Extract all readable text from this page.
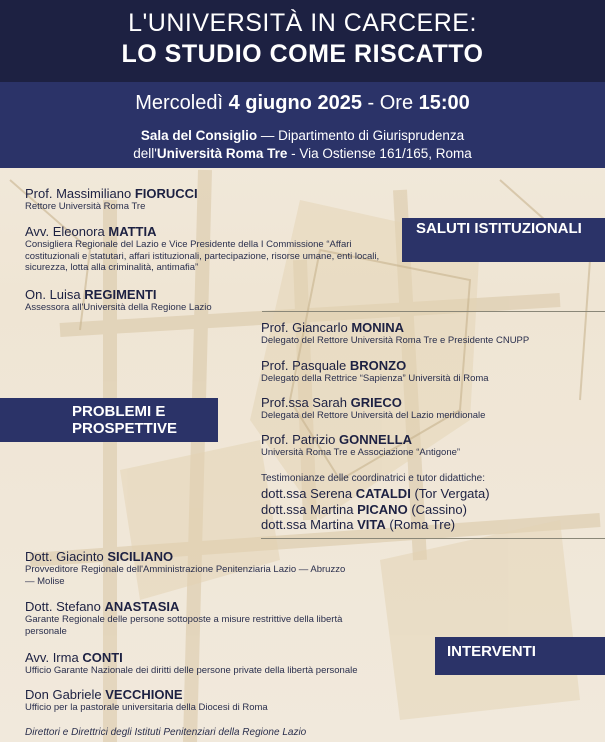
L'UNIVERSITÀ IN CARCERE:
LO STUDIO COME RISCATTO
Mercoledì 4 giugno 2025 - Ore 15:00
Sala del Consiglio — Dipartimento di Giurisprudenza
dell'Università Roma Tre - Via Ostiense 161/165, Roma
Prof. Massimiliano FIORUCCI
Rettore Università Roma Tre
Avv. Eleonora MATTIA
Consigliera Regionale del Lazio e Vice Presidente della I Commissione “Affari costituzionali e statutari, affari istituzionali, partecipazione, risorse umane, enti locali, sicurezza, lotta alla criminalità, antimafia”
On. Luisa REGIMENTI
Assessora all'Università della Regione Lazio
SALUTI ISTITUZIONALI
PROBLEMI E PROSPETTIVE
Prof. Giancarlo MONINA
Delegato del Rettore Università Roma Tre e Presidente CNUPP
Prof. Pasquale BRONZO
Delegato della Rettrice “Sapienza” Università di Roma
Prof.ssa Sarah GRIECO
Delegata del Rettore Università del Lazio meridionale
Prof. Patrizio GONNELLA
Università Roma Tre e Associazione “Antigone”
Testimonianze delle coordinatrici e tutor didattiche:
dott.ssa Serena CATALDI (Tor Vergata)
dott.ssa Martina PICANO (Cassino)
dott.ssa Martina VITA (Roma Tre)
Dott. Giacinto SICILIANO
Provveditore Regionale dell'Amministrazione Penitenziaria Lazio — Abruzzo — Molise
Dott. Stefano ANASTASIA
Garante Regionale delle persone sottoposte a misure restrittive della libertà personale
Avv. Irma CONTI
Ufficio Garante Nazionale dei diritti delle persone private della libertà personale
Don Gabriele VECCHIONE
Ufficio per la pastorale universitaria della Diocesi di Roma
INTERVENTI
Direttori e Direttrici degli Istituti Penitenziari della Regione Lazio
